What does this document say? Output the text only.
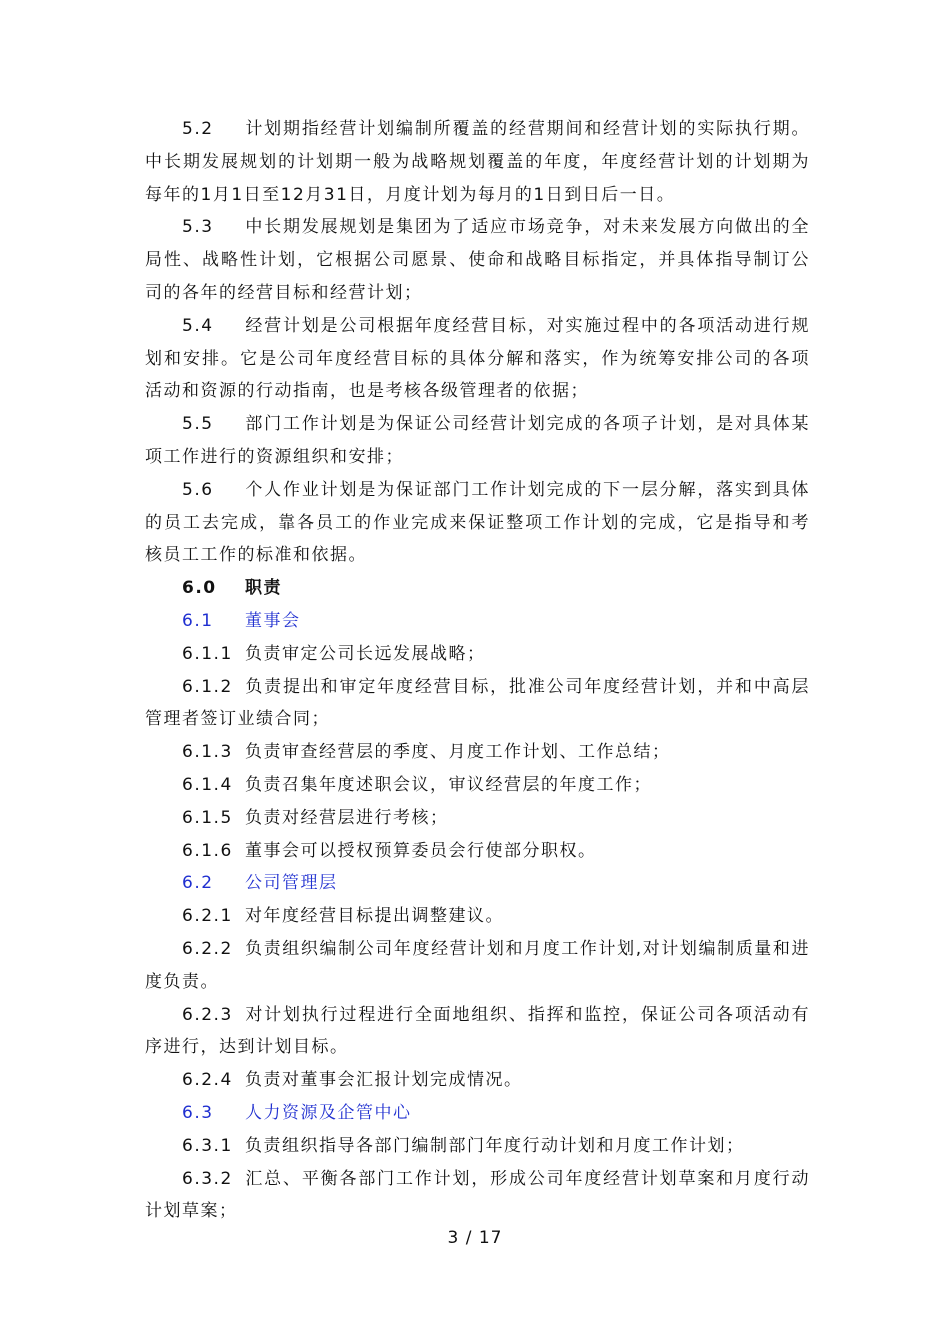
5.2 计划期指经营计划编制所覆盖的经营期间和经营计划的实际执行期。中长期发展规划的计划期一般为战略规划覆盖的年度，年度经营计划的计划期为每年的1月1日至12月31日，月度计划为每月的1日到日后一日。

5.3 中长期发展规划是集团为了适应市场竞争，对未来发展方向做出的全局性、战略性计划，它根据公司愿景、使命和战略目标指定，并具体指导制订公司的各年的经营目标和经营计划；

5.4 经营计划是公司根据年度经营目标，对实施过程中的各项活动进行规划和安排。它是公司年度经营目标的具体分解和落实，作为统筹安排公司的各项活动和资源的行动指南，也是考核各级管理者的依据；

5.5 部门工作计划是为保证公司经营计划完成的各项子计划，是对具体某项工作进行的资源组织和安排；

5.6 个人作业计划是为保证部门工作计划完成的下一层分解，落实到具体的员工去完成，靠各员工的作业完成来保证整项工作计划的完成，它是指导和考核员工工作的标准和依据。

6.0 职责

6.1 董事会

6.1.1 负责审定公司长远发展战略；

6.1.2 负责提出和审定年度经营目标，批准公司年度经营计划，并和中高层管理者签订业绩合同；

6.1.3 负责审查经营层的季度、月度工作计划、工作总结；

6.1.4 负责召集年度述职会议，审议经营层的年度工作；

6.1.5 负责对经营层进行考核；

6.1.6 董事会可以授权预算委员会行使部分职权。

6.2 公司管理层

6.2.1 对年度经营目标提出调整建议。

6.2.2 负责组织编制公司年度经营计划和月度工作计划,对计划编制质量和进度负责。

6.2.3 对计划执行过程进行全面地组织、指挥和监控，保证公司各项活动有序进行，达到计划目标。

6.2.4 负责对董事会汇报计划完成情况。

6.3 人力资源及企管中心

6.3.1 负责组织指导各部门编制部门年度行动计划和月度工作计划；

6.3.2 汇总、平衡各部门工作计划，形成公司年度经营计划草案和月度行动计划草案；

3 / 17
